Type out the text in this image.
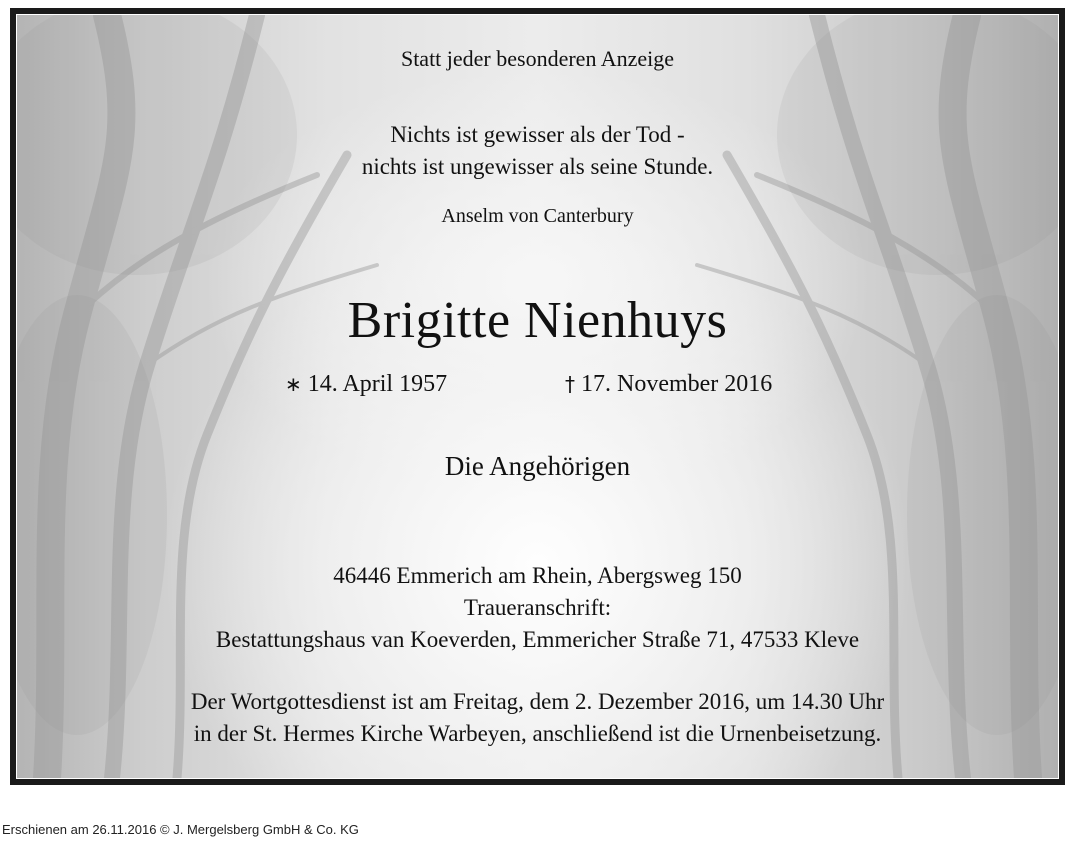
Statt jeder besonderen Anzeige
Nichts ist gewisser als der Tod -
nichts ist ungewisser als seine Stunde.
Anselm von Canterbury
Brigitte Nienhuys
∗ 14. April 1957	† 17. November 2016
Die Angehörigen
46446 Emmerich am Rhein, Abergsweg 150
Traueranschrift:
Bestattungshaus van Koeverden, Emmericher Straße 71, 47533 Kleve
Der Wortgottesdienst ist am Freitag, dem 2. Dezember 2016, um 14.30 Uhr
in der St. Hermes Kirche Warbeyen, anschließend ist die Urnenbeisetzung.
Erschienen am 26.11.2016 © J. Mergelsberg GmbH & Co. KG
